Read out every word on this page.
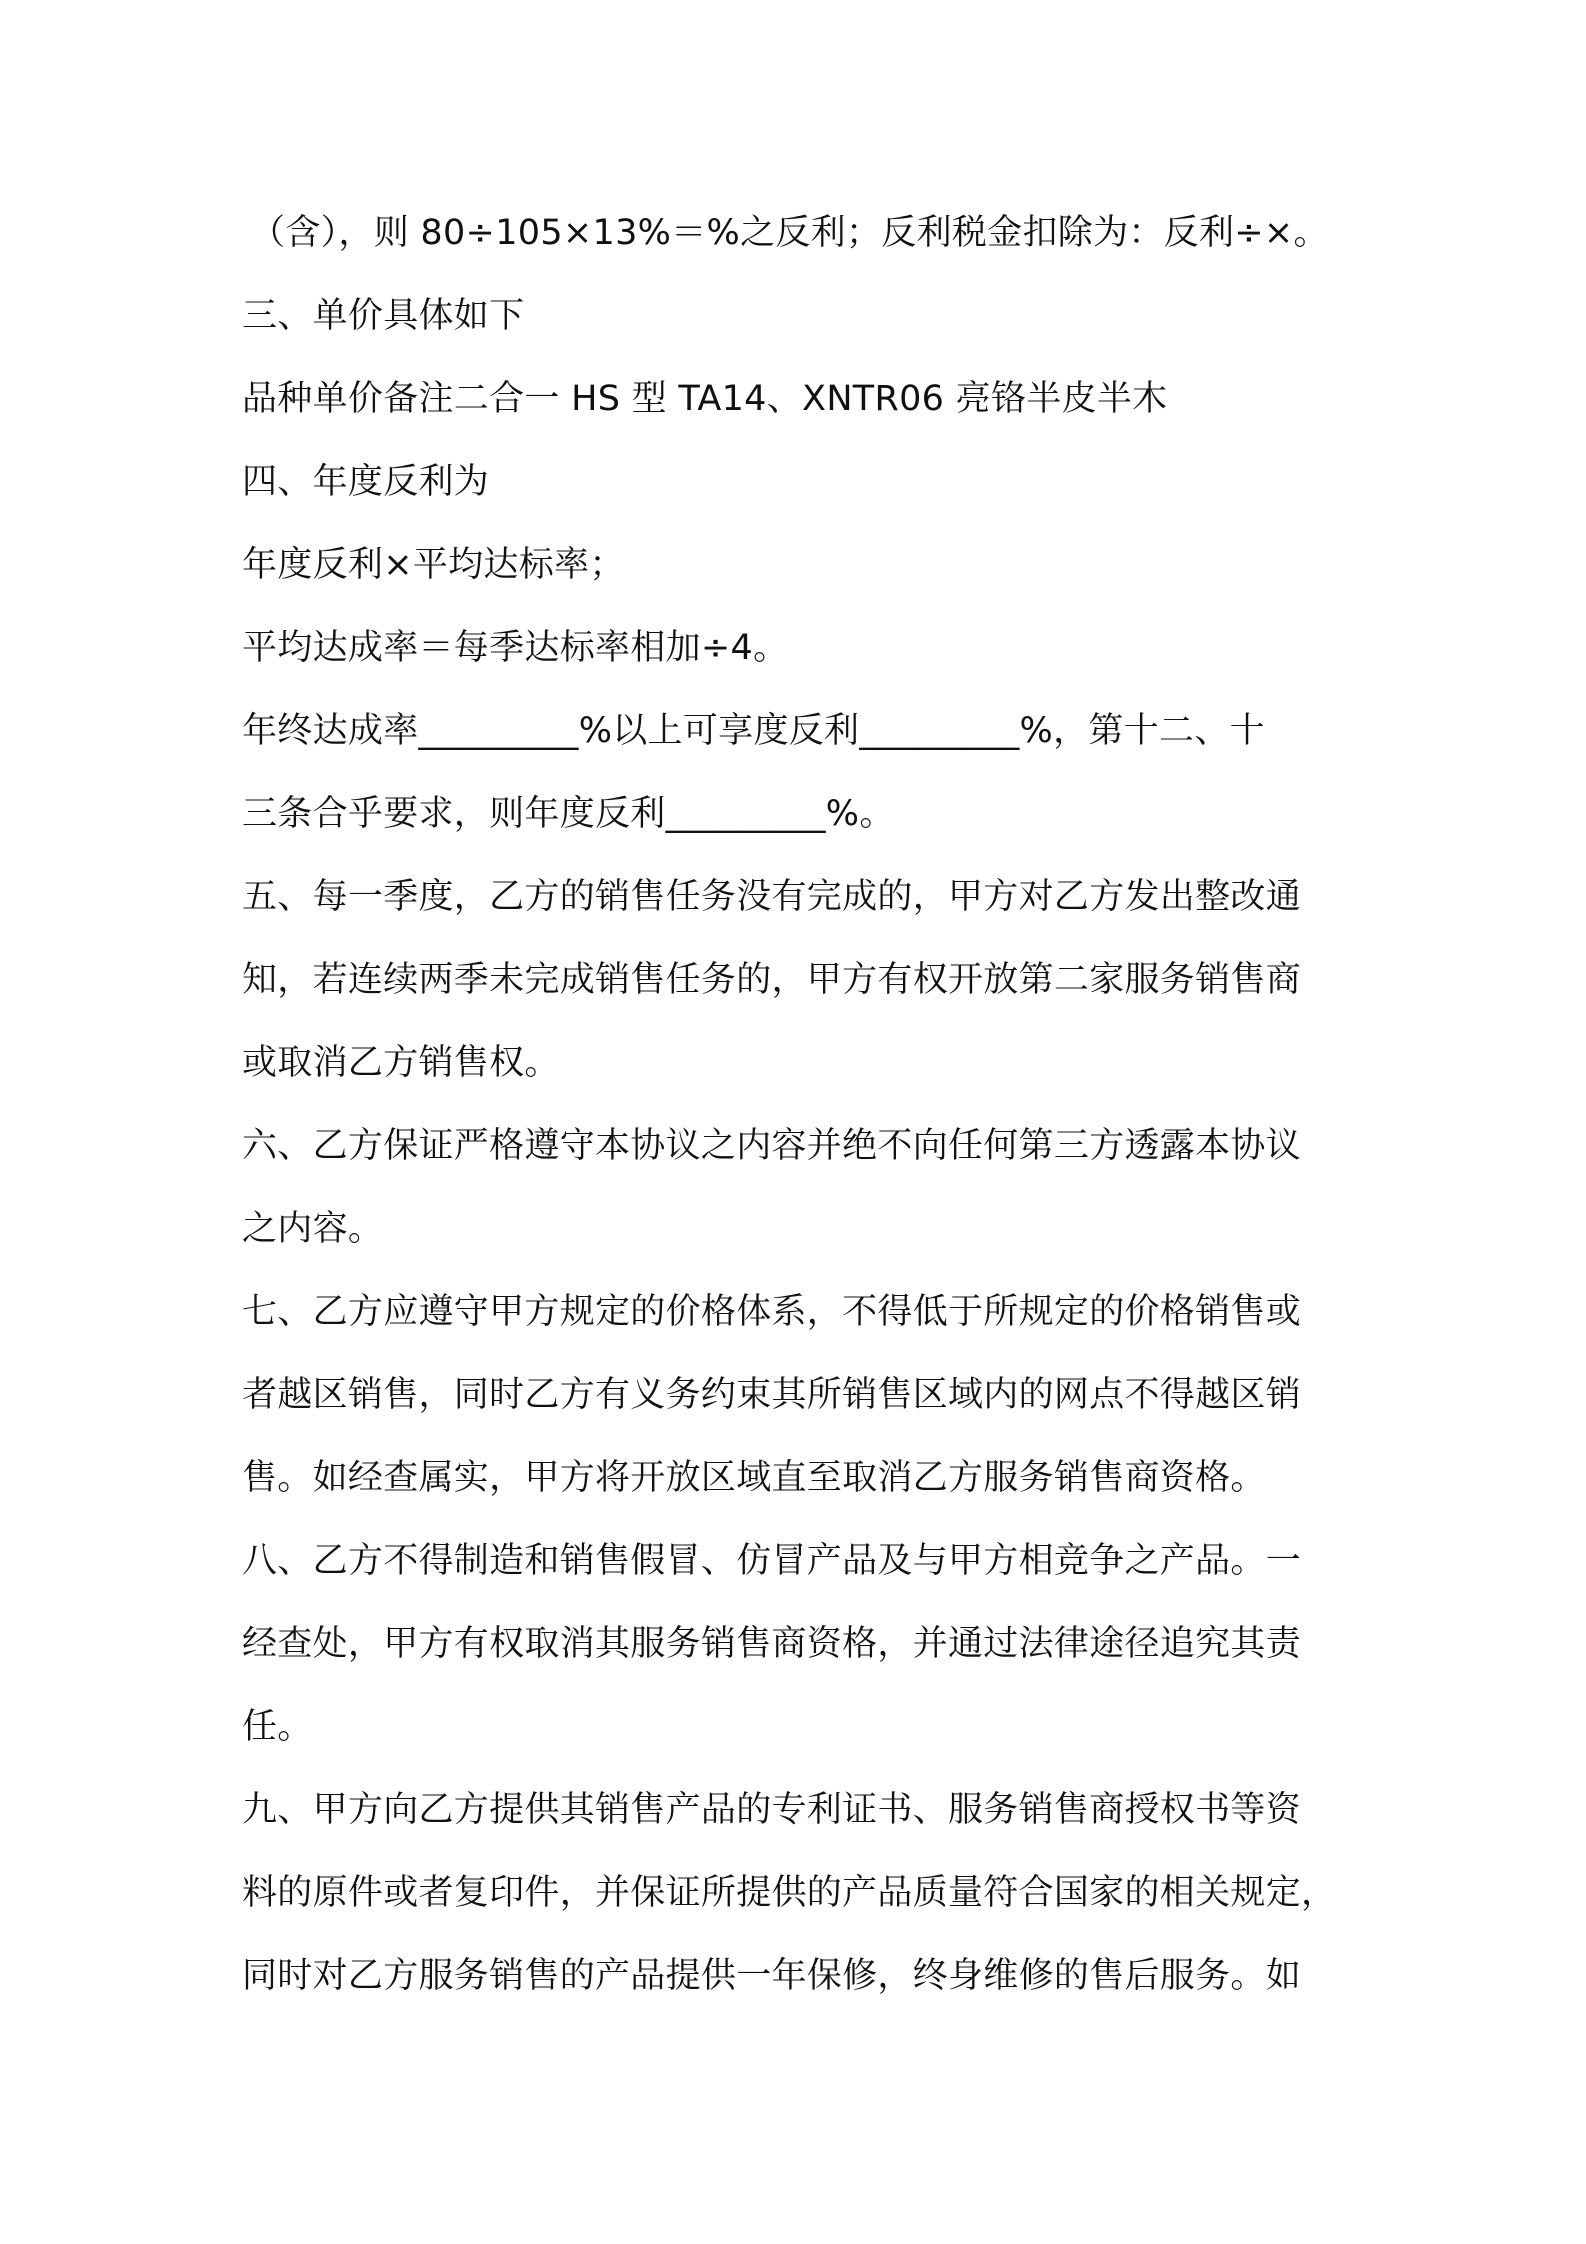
（含），则 80÷105×13%＝%之反利；反利税金扣除为：反利÷×。
三、单价具体如下
品种单价备注二合一 HS 型 TA14、XNTR06 亮铬半皮半木
四、年度反利为
年度反利×平均达标率；
平均达成率＝每季达标率相加÷4。
年终达成率_________%以上可享度反利_________%，第十二、十
三条合乎要求，则年度反利_________%。
五、每一季度，乙方的销售任务没有完成的，甲方对乙方发出整改通
知，若连续两季未完成销售任务的，甲方有权开放第二家服务销售商
或取消乙方销售权。
六、乙方保证严格遵守本协议之内容并绝不向任何第三方透露本协议
之内容。
七、乙方应遵守甲方规定的价格体系，不得低于所规定的价格销售或
者越区销售，同时乙方有义务约束其所销售区域内的网点不得越区销
售。如经查属实，甲方将开放区域直至取消乙方服务销售商资格。
八、乙方不得制造和销售假冒、仿冒产品及与甲方相竞争之产品。一
经查处，甲方有权取消其服务销售商资格，并通过法律途径追究其责
任。
九、甲方向乙方提供其销售产品的专利证书、服务销售商授权书等资
料的原件或者复印件，并保证所提供的产品质量符合国家的相关规定，
同时对乙方服务销售的产品提供一年保修，终身维修的售后服务。如
